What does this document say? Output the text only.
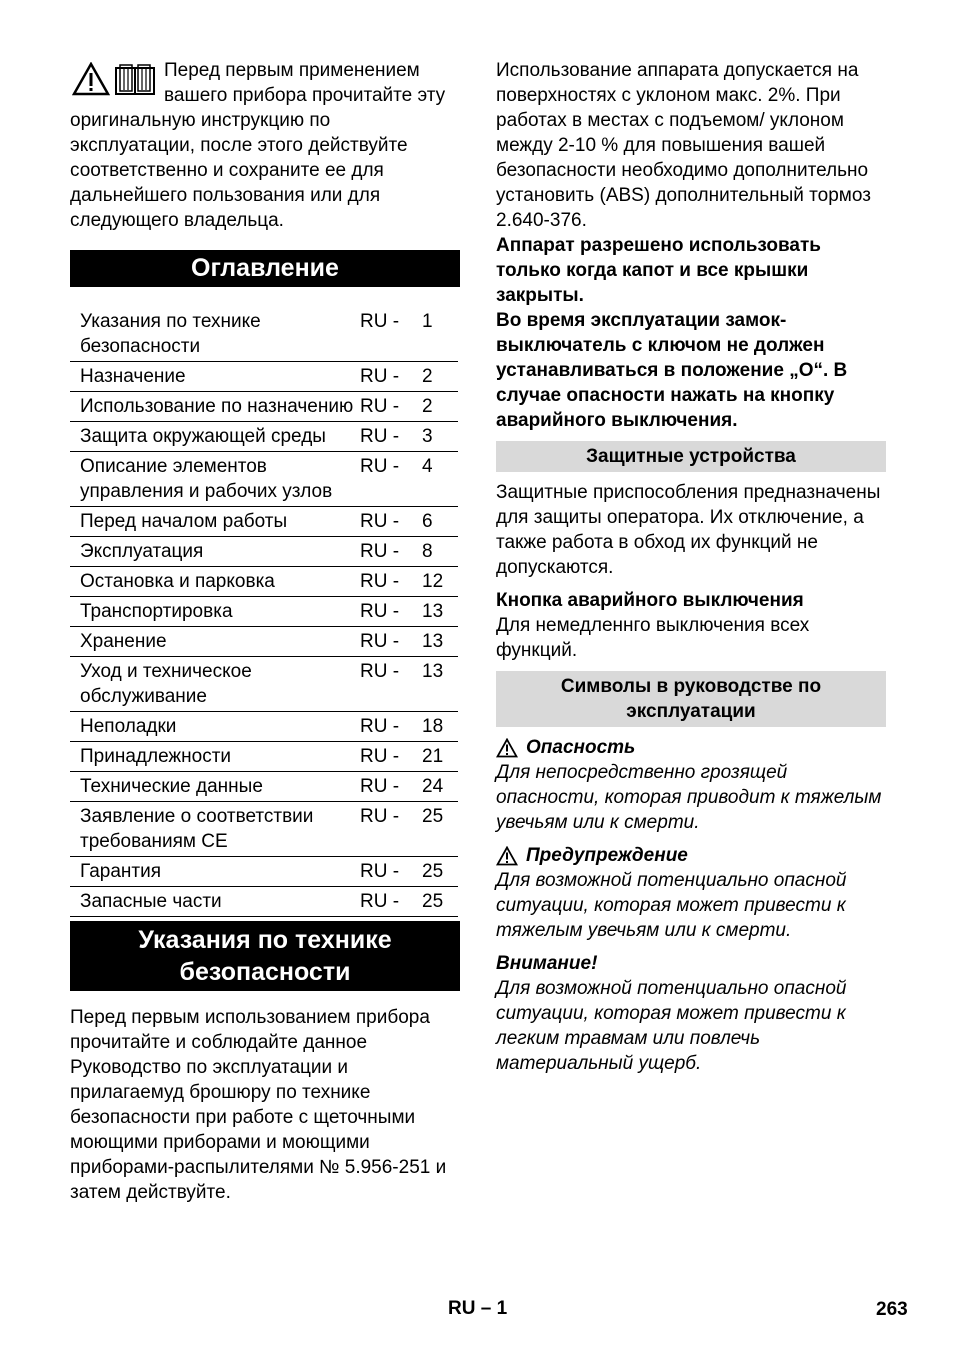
Перед первым применением вашего прибора прочитайте эту оригинальную инструкцию по эксплуатации, после этого действуйте соответственно и сохраните ее для дальнейшего пользования или для следующего владельца.

Оглавление
Указания по технике безопасности	RU -	1
Назначение	RU -	2
Использование по назначению	RU -	2
Защита окружающей среды	RU -	3
Описание элементов управления и рабочих узлов	RU -	4
Перед началом работы	RU -	6
Эксплуатация	RU -	8
Остановка и парковка	RU -	12
Транспортировка	RU -	13
Хранение	RU -	13
Уход и техническое обслуживание	RU -	13
Неполадки	RU -	18
Принадлежности	RU -	21
Технические данные	RU -	24
Заявление о соответствии требованиям CE	RU -	25
Гарантия	RU -	25
Запасные части	RU -	25
Указания по технике безопасности

Перед первым использованием прибора прочитайте и соблюдайте данное Руководство по эксплуатации и прилагаемуд брошюру по технике безопасности при работе с щеточными моющими приборами и моющими приборами-распылителями № 5.956-251 и затем действуйте.

Использование аппарата допускается на поверхностях с уклоном макс. 2%. При работах в местах с подъемом/ уклоном между 2-10 % для повышения вашей безопасности необходимо дополнительно установить (ABS) дополнительный тормоз 2.640-376.

Аппарат разрешено использовать только когда капот и все крышки закрыты.

Во время эксплуатации замок-выключатель с ключом не должен устанавливаться в положение „O“. В случае опасности нажать на кнопку аварийного выключения.

Защитные устройства

Защитные приспособления предназначены для защиты оператора. Их отключение, а также работа в обход их функций не допускаются.

Кнопка аварийного выключения

Для немедленнго выключения всех функций.

Символы в руководстве по эксплуатации
Опасность

Для непосредственно грозящей опасности, которая приводит к тяжелым увечьям или к смерти.

Предупреждение

Для возможной потенциально опасной ситуации, которая может привести к тяжелым увечьям или к смерти.

Внимание!

Для возможной потенциально опасной ситуации, которая может привести к легким травмам или повлечь материальный ущерб.

RU – 1	263
